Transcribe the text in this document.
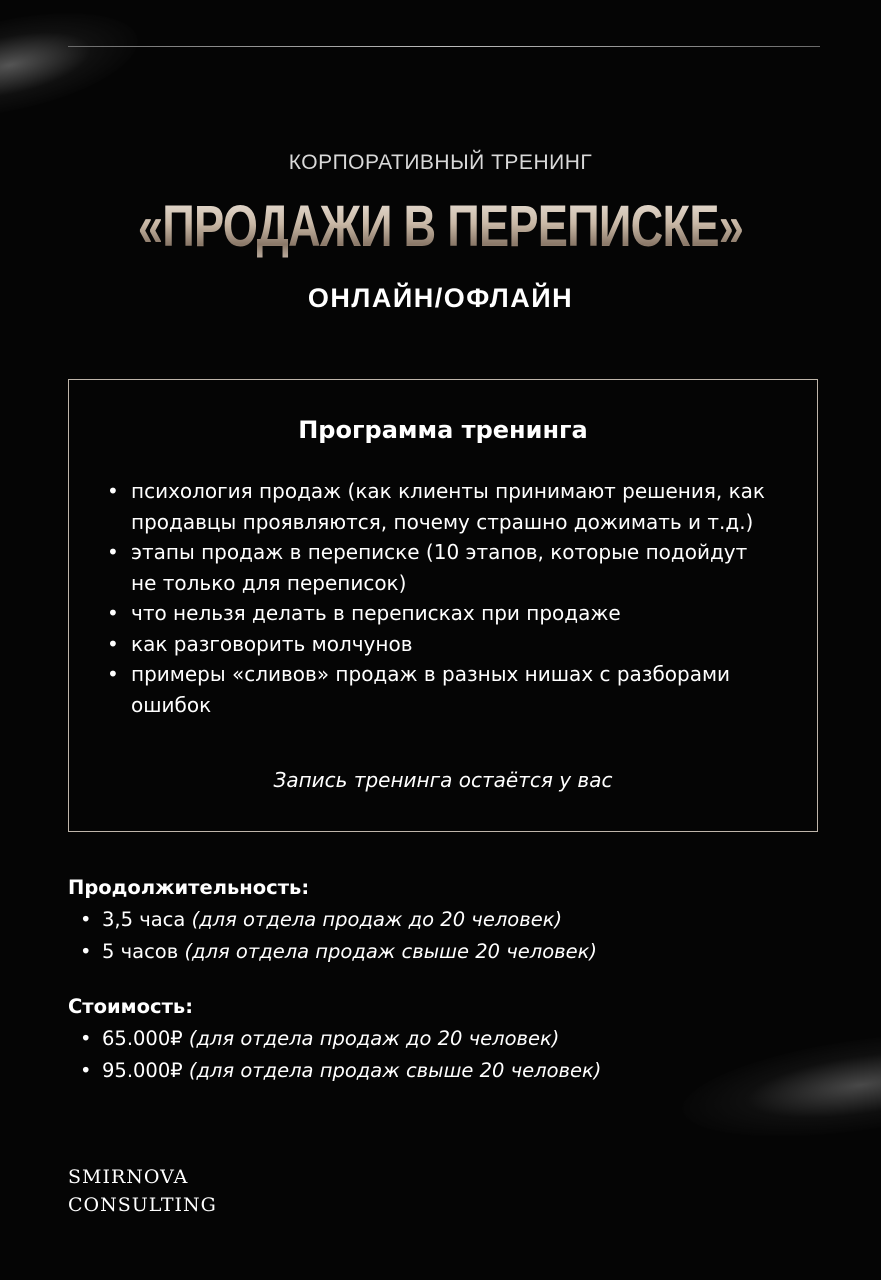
КОРПОРАТИВНЫЙ ТРЕНИНГ
«ПРОДАЖИ В ПЕРЕПИСКЕ»
ОНЛАЙН/ОФЛАЙН
Программа тренинга
• психология продаж (как клиенты принимают решения, как продавцы проявляются, почему страшно дожимать и т.д.)
• этапы продаж в переписке (10 этапов, которые подойдут не только для переписок)
• что нельзя делать в переписках при продаже
• как разговорить молчунов
• примеры «сливов» продаж в разных нишах с разборами ошибок
Запись тренинга остаётся у вас
Продолжительность:
• 3,5 часа (для отдела продаж до 20 человек)
• 5 часов (для отдела продаж свыше 20 человек)
Стоимость:
• 65.000₽ (для отдела продаж до 20 человек)
• 95.000₽ (для отдела продаж свыше 20 человек)
SMIRNOVA
CONSULTING
